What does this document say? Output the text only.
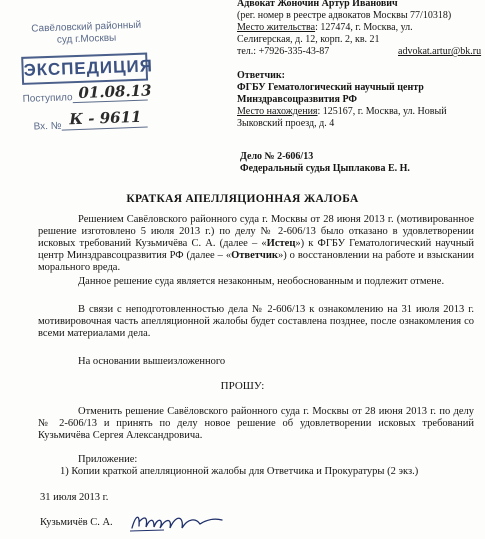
Адвокат Жоночин Артур Иванович
(рег. номер в реестре адвокатов Москвы 77/10318)
Место жительства: 127474, г. Москва, ул.
Селигерская, д. 12, корп. 2, кв. 21
тел.: +7926-335-43-87	advokat.artur@bk.ru
Ответчик:
ФГБУ Гематологический научный центр
Минздравсоцразвития РФ
Место нахождения: 125167, г. Москва, ул. Новый
Зыковский проезд, д. 4
Дело № 2-606/13
Федеральный судья Цыплакова Е. Н.
Савёловский районный суд г.Москвы
ЭКСПЕДИЦИЯ
Поступило 01.08.13
Вх. № К - 9611
КРАТКАЯ АПЕЛЛЯЦИОННАЯ ЖАЛОБА
Решением Савёловского районного суда г. Москвы от 28 июня 2013 г. (мотивированное решение изготовлено 5 июля 2013 г.) по делу № 2-606/13 было отказано в удовлетворении исковых требований Кузьмичёва С. А. (далее – «Истец») к ФГБУ Гематологический научный центр Минздравсоцразвития РФ (далее – «Ответчик») о восстановлении на работе и взыскании морального вреда.
Данное решение суда является незаконным, необоснованным и подлежит отмене.
В связи с неподготовленностью дела № 2-606/13 к ознакомлению на 31 июля 2013 г. мотивировочная часть апелляционной жалобы будет составлена позднее, после ознакомления со всеми материалами дела.
На основании вышеизложенного
ПРОШУ:
Отменить решение Савёловского районного суда г. Москвы от 28 июня 2013 г. по делу № 2-606/13 и принять по делу новое решение об удовлетворении исковых требований Кузьмичёва Сергея Александровича.
Приложение:
1) Копии краткой апелляционной жалобы для Ответчика и Прокуратуры (2 экз.)
31 июля 2013 г.
Кузьмичёв С. А.
